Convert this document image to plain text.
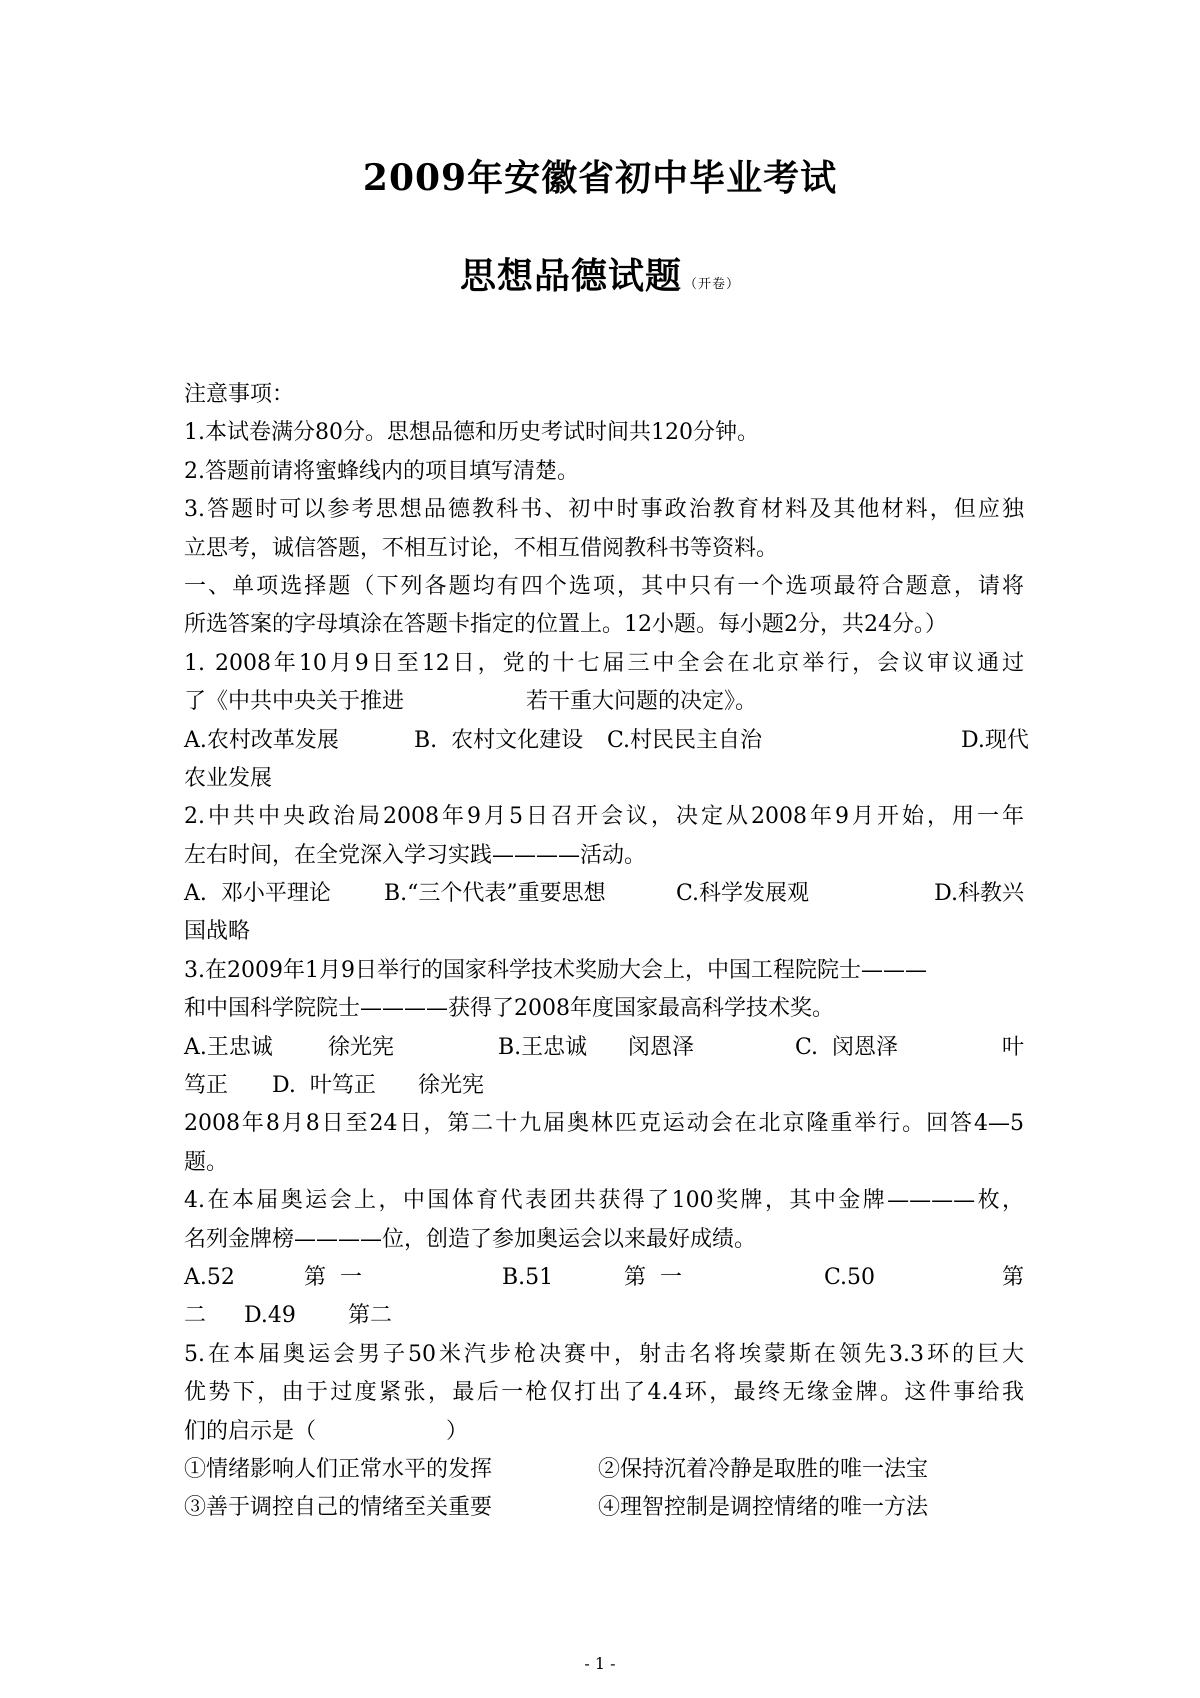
2009年安徽省初中毕业考试
思想品德试题 （开卷）
注意事项：
1.本试卷满分80分。思想品德和历史考试时间共120分钟。
2.答题前请将蜜蜂线内的项目填写清楚。
3.答题时可以参考思想品德教科书、初中时事政治教育材料及其他材料，但应独
立思考，诚信答题，不相互讨论，不相互借阅教科书等资料。
一、单项选择题（下列各题均有四个选项，其中只有一个选项最符合题意，请将
所选答案的字母填涂在答题卡指定的位置上。12小题。每小题2分，共24分。）
1. 2008年10月9日至12日，党的十七届三中全会在北京举行，会议审议通过
了《中共中央关于推进	若干重大问题的决定》。
A.农村改革发展	B.  农村文化建设	C.村民民主自治	D.现代
农业发展
2.中共中央政治局2008年9月5日召开会议，决定从2008年9月开始，用一年
左右时间，在全党深入学习实践————活动。
A.  邓小平理论	B.“三个代表”重要思想	C.科学发展观	D.科教兴
国战略
3.在2009年1月9日举行的国家科学技术奖励大会上，中国工程院院士———
和中国科学院院士————获得了2008年度国家最高科学技术奖。
A.王忠诚	徐光宪	B.王忠诚	闵恩泽	C.  闵恩泽	叶
笃正	D.  叶笃正	徐光宪
2008年8月8日至24日，第二十九届奥林匹克运动会在北京隆重举行。回答4—5
题。
4.在本届奥运会上，中国体育代表团共获得了100奖牌，其中金牌————枚，
名列金牌榜————位，创造了参加奥运会以来最好成绩。
A.52	第  一	B.51	第  一	C.50	第
二	D.49	第二
5.在本届奥运会男子50米汽步枪决赛中，射击名将埃蒙斯在领先3.3环的巨大
优势下，由于过度紧张，最后一枪仅打出了4.4环，最终无缘金牌。这件事给我
们的启示是（	）
①情绪影响人们正常水平的发挥	②保持沉着冷静是取胜的唯一法宝
③善于调控自己的情绪至关重要	④理智控制是调控情绪的唯一方法
- 1 -
